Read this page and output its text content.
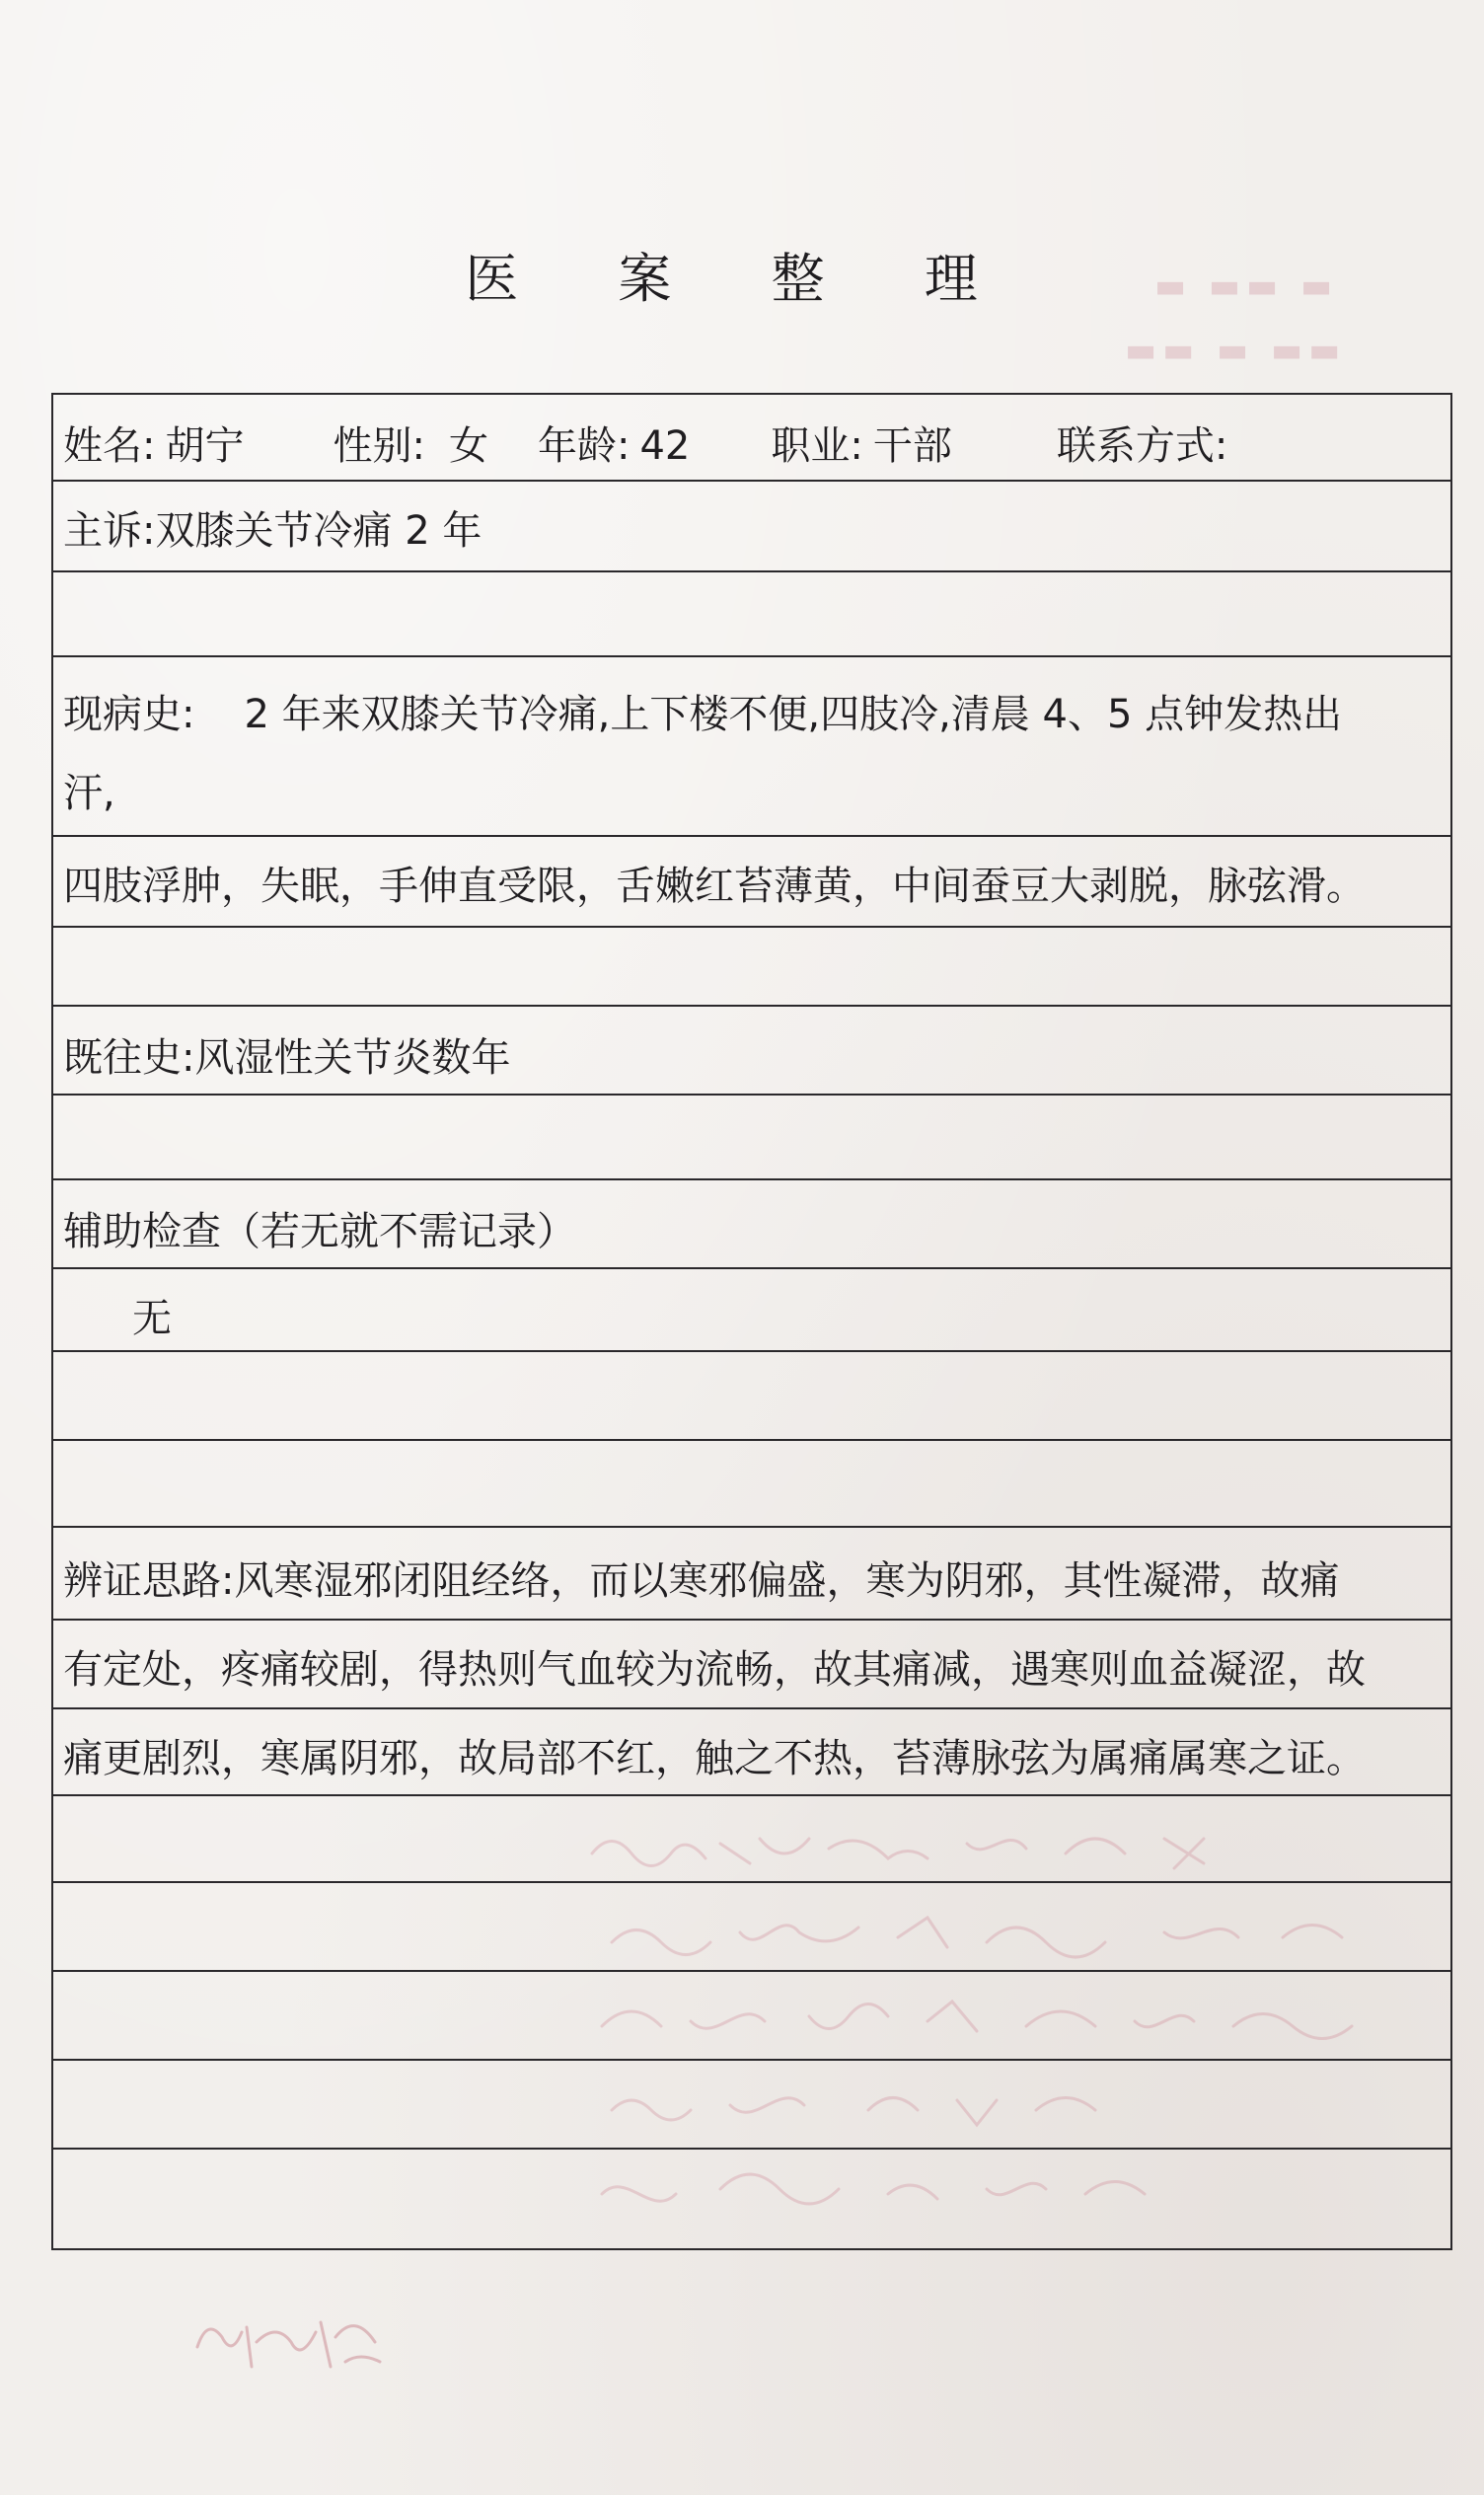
▬ ▬▬ ▬
▬▬ ▬ ▬▬
医 案 整 理
姓名: 胡宁 性别: 女 年龄: 42 职业: 干部	联系方式:
主诉:双膝关节冷痛 2 年
现病史: 2 年来双膝关节冷痛,上下楼不便,四肢冷,清晨 4、5 点钟发热出
汗,
四肢浮肿，失眠，手伸直受限，舌嫩红苔薄黄，中间蚕豆大剥脱，脉弦滑。
既往史:风湿性关节炎数年
辅助检查（若无就不需记录）
无
辨证思路:风寒湿邪闭阻经络，而以寒邪偏盛，寒为阴邪，其性凝滞，故痛
有定处，疼痛较剧，得热则气血较为流畅，故其痛减，遇寒则血益凝涩，故
痛更剧烈，寒属阴邪，故局部不红，触之不热，苔薄脉弦为属痛属寒之证。
